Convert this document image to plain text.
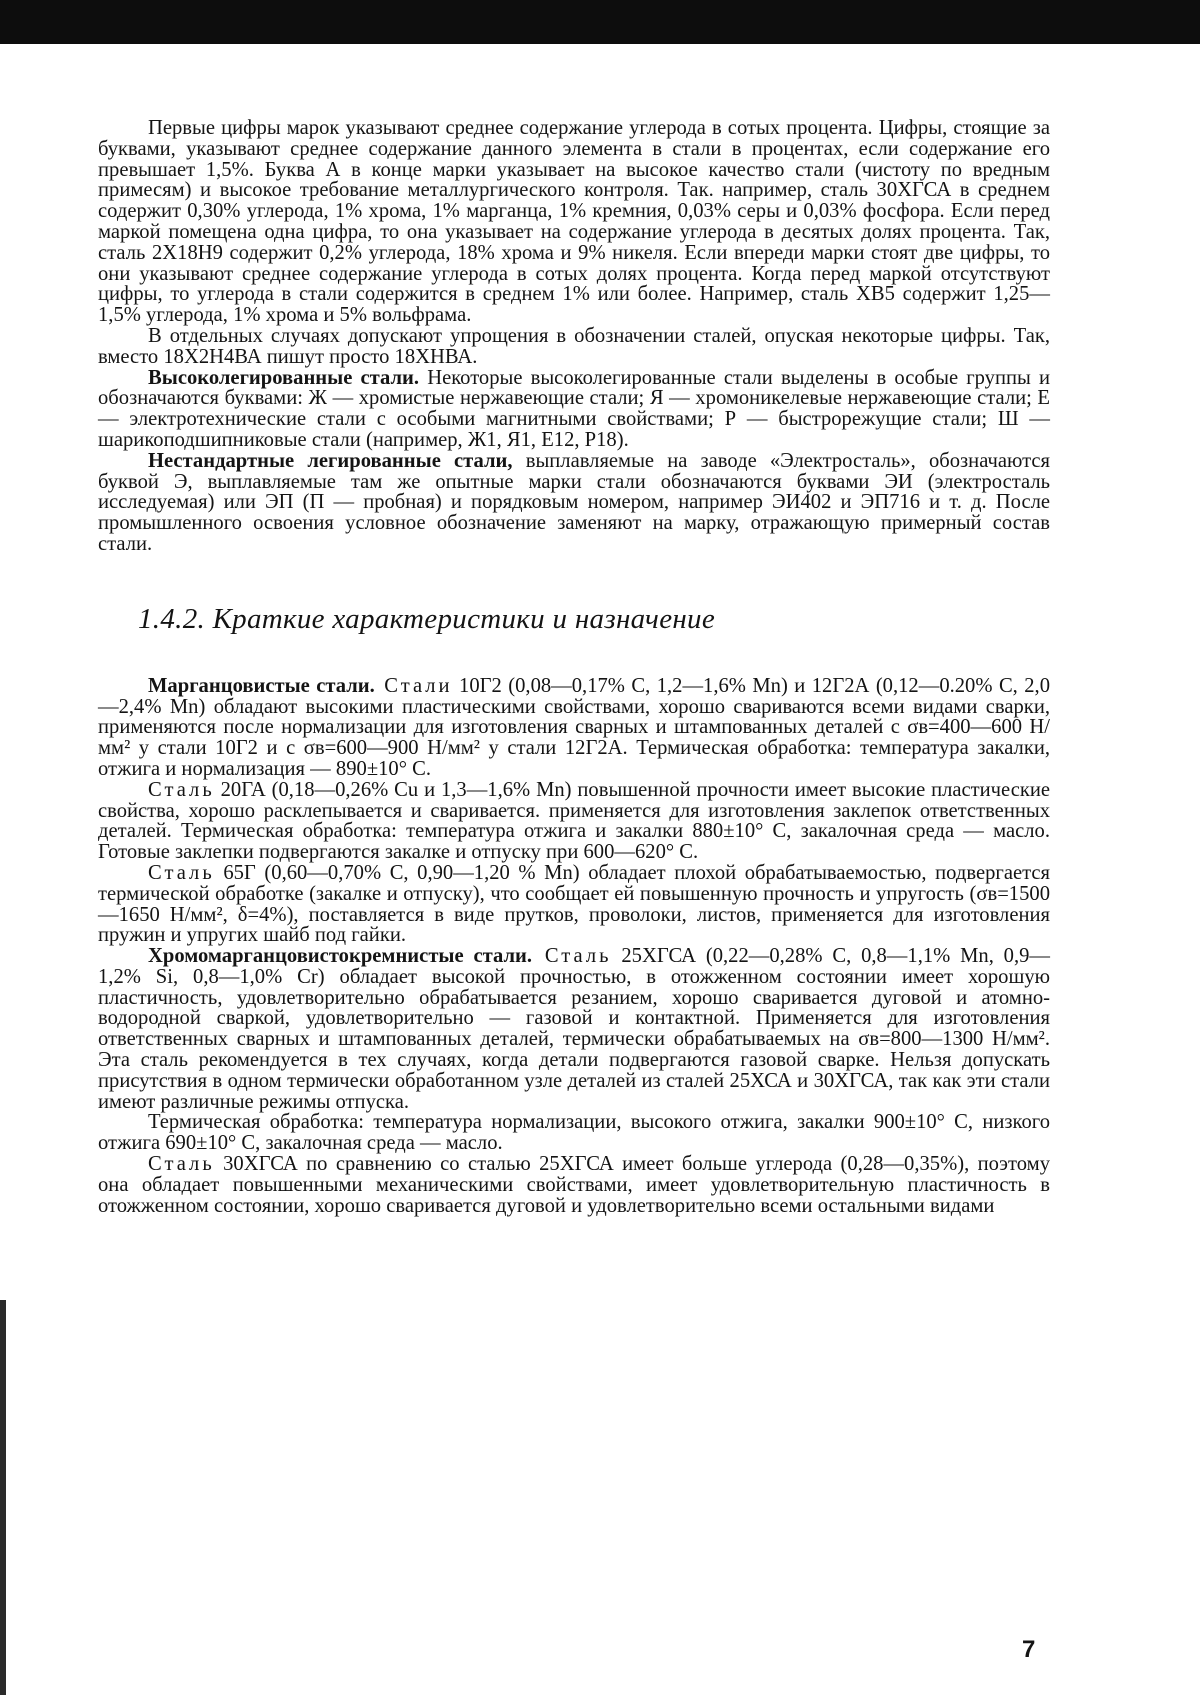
Первые цифры марок указывают среднее содержание углерода в сотых процента. Цифры, стоящие за буквами, указывают среднее содержание данного элемента в стали в процентах, если содержание его превышает 1,5%. Буква А в конце марки указывает на высокое качество стали (чистоту по вредным примесям) и высокое требование металлургического контроля. Так. например, сталь 30ХГСА в среднем содержит 0,30% углерода, 1% хрома, 1% марганца, 1% кремния, 0,03% серы и 0,03% фосфора. Если перед маркой помещена одна цифра, то она указывает на содержание углерода в десятых долях процента. Так, сталь 2Х18Н9 содержит 0,2% углерода, 18% хрома и 9% никеля. Если впереди марки стоят две цифры, то они указывают среднее содержание углерода в сотых долях процента. Когда перед маркой отсутствуют цифры, то углерода в стали содержится в среднем 1% или более. Например, сталь ХВ5 содержит 1,25—1,5% углерода, 1% хрома и 5% вольфрама.

В отдельных случаях допускают упрощения в обозначении сталей, опуская некоторые цифры. Так, вместо 18Х2Н4ВА пишут просто 18ХНВА.

Высоколегированные стали. Некоторые высоколегированные стали выделены в особые группы и обозначаются буквами: Ж — хромистые нержавеющие стали; Я — хромоникелевые нержавеющие стали; Е — электротехнические стали с особыми магнитными свойствами; Р — быстрорежущие стали; Ш — шарикоподшипниковые стали (например, Ж1, Я1, Е12, Р18).

Нестандартные легированные стали, выплавляемые на заводе «Электросталь», обозначаются буквой Э, выплавляемые там же опытные марки стали обозначаются буквами ЭИ (электросталь исследуемая) или ЭП (П — пробная) и порядковым номером, например ЭИ402 и ЭП716 и т. д. После промышленного освоения условное обозначение заменяют на марку, отражающую примерный состав стали.

1.4.2. Краткие характеристики и назначение

Марганцовистые стали. Стали 10Г2 (0,08—0,17% С, 1,2—1,6% Mn) и 12Г2А (0,12—0.20% С, 2,0—2,4% Mn) обладают высокими пластическими свойствами, хорошо свариваются всеми видами сварки, применяются после нормализации для изготовления сварных и штампованных деталей с σв=400—600 Н/мм² у стали 10Г2 и с σв=600—900 Н/мм² у стали 12Г2А. Термическая обработка: температура закалки, отжига и нормализация — 890±10° С.

Сталь 20ГА (0,18—0,26% Cu и 1,3—1,6% Mn) повышенной прочности имеет высокие пластические свойства, хорошо расклепывается и сваривается. применяется для изготовления заклепок ответственных деталей. Термическая обработка: температура отжига и закалки 880±10° С, закалочная среда — масло. Готовые заклепки подвергаются закалке и отпуску при 600—620° С.

Сталь 65Г (0,60—0,70% С, 0,90—1,20 % Mn) обладает плохой обрабатываемостью, подвергается термической обработке (закалке и отпуску), что сообщает ей повышенную прочность и упругость (σв=1500—1650 Н/мм², δ=4%), поставляется в виде прутков, проволоки, листов, применяется для изготовления пружин и упругих шайб под гайки.

Хромомарганцовистокремнистые стали. Сталь 25ХГСА (0,22—0,28% С, 0,8—1,1% Mn, 0,9—1,2% Si, 0,8—1,0% Cr) обладает высокой прочностью, в отожженном состоянии имеет хорошую пластичность, удовлетворительно обрабатывается резанием, хорошо сваривается дуговой и атомно-водородной сваркой, удовлетворительно — газовой и контактной. Применяется для изготовления ответственных сварных и штампованных деталей, термически обрабатываемых на σв=800—1300 Н/мм². Эта сталь рекомендуется в тех случаях, когда детали подвергаются газовой сварке. Нельзя допускать присутствия в одном термически обработанном узле деталей из сталей 25ХСА и 30ХГСА, так как эти стали имеют различные режимы отпуска.

Термическая обработка: температура нормализации, высокого отжига, закалки 900±10° С, низкого отжига 690±10° С, закалочная среда — масло.

Сталь 30ХГСА по сравнению со сталью 25ХГСА имеет больше углерода (0,28—0,35%), поэтому она обладает повышенными механическими свойствами, имеет удовлетворительную пластичность в отожженном состоянии, хорошо сваривается дуговой и удовлетворительно всеми остальными видами

7
